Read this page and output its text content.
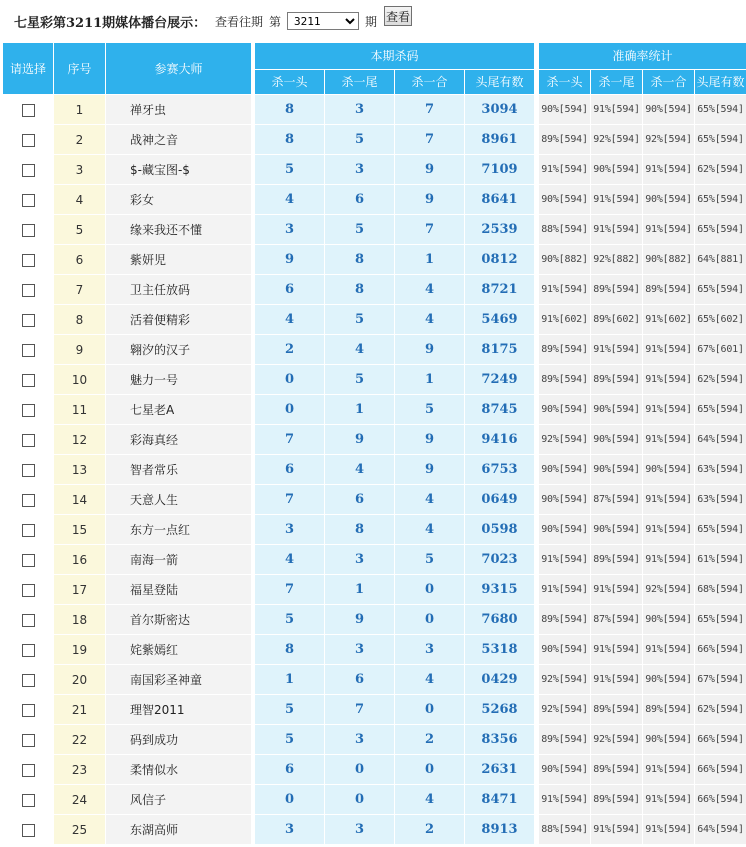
七星彩第3211期媒体播台展示： 查看往期 第
3211	期 查看
请选择	序号	参赛大师		本期杀码					准确率统计			
				杀一头	杀一尾	杀一合	头尾有数		杀一头	杀一尾	杀一合	头尾有数
	1	禅牙虫		8	3	7	3094		90%[594]	91%[594]	90%[594]	65%[594]
	2	战神之音		8	5	7	8961		89%[594]	92%[594]	92%[594]	65%[594]
	3	$-藏宝图-$		5	3	9	7109		91%[594]	90%[594]	91%[594]	62%[594]
	4	彩女		4	6	9	8641		90%[594]	91%[594]	90%[594]	65%[594]
	5	缘来我还不懂		3	5	7	2539		88%[594]	91%[594]	91%[594]	65%[594]
	6	紫妍児		9	8	1	0812		90%[882]	92%[882]	90%[882]	64%[881]
	7	卫主任放码		6	8	4	8721		91%[594]	89%[594]	89%[594]	65%[594]
	8	活着便精彩		4	5	4	5469		91%[602]	89%[602]	91%[602]	65%[602]
	9	翱汐的汉子		2	4	9	8175		89%[594]	91%[594]	91%[594]	67%[601]
	10	魅力一号		0	5	1	7249		89%[594]	89%[594]	91%[594]	62%[594]
	11	七星老A		0	1	5	8745		90%[594]	90%[594]	91%[594]	65%[594]
	12	彩海真经		7	9	9	9416		92%[594]	90%[594]	91%[594]	64%[594]
	13	智者常乐		6	4	9	6753		90%[594]	90%[594]	90%[594]	63%[594]
	14	天意人生		7	6	4	0649		90%[594]	87%[594]	91%[594]	63%[594]
	15	东方一点红		3	8	4	0598		90%[594]	90%[594]	91%[594]	65%[594]
	16	南海一箭		4	3	5	7023		91%[594]	89%[594]	91%[594]	61%[594]
	17	福星登陆		7	1	0	9315		91%[594]	91%[594]	92%[594]	68%[594]
	18	首尔斯密达		5	9	0	7680		89%[594]	87%[594]	90%[594]	65%[594]
	19	姹紫嫣红		8	3	3	5318		90%[594]	91%[594]	91%[594]	66%[594]
	20	南国彩圣神童		1	6	4	0429		92%[594]	91%[594]	90%[594]	67%[594]
	21	理智2011		5	7	0	5268		92%[594]	89%[594]	89%[594]	62%[594]
	22	码到成功		5	3	2	8356		89%[594]	92%[594]	90%[594]	66%[594]
	23	柔情似水		6	0	0	2631		90%[594]	89%[594]	91%[594]	66%[594]
	24	风信子		0	0	4	8471		91%[594]	89%[594]	91%[594]	66%[594]
	25	东湖高师		3	3	2	8913		88%[594]	91%[594]	91%[594]	64%[594]
